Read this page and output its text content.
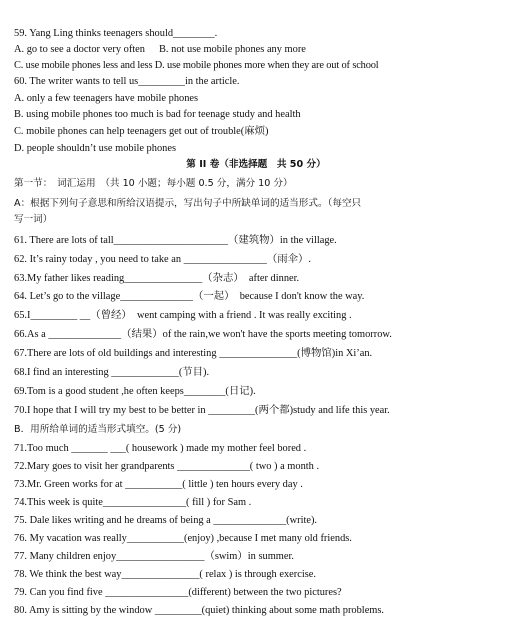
59. Yang Ling thinks teenagers should________.
A. go to see a doctor very often B. not use mobile phones any more
C. use mobile phones less and less D. use mobile phones more when they are out of school
60. The writer wants to tell us_________in the article.
A. only a few teenagers have mobile phones
B. using mobile phones too much is bad for teenage study and health
C. mobile phones can help teenagers get out of trouble(麻烦)
D. people shouldn’t use mobile phones
第 II 卷（非选择题　共 50 分）
第一节：　词汇运用　（共 10 小题；每小题 0.5 分，满分 10 分）
A：根据下列句子意思和所给汉语提示，写出句子中所缺单词的适当形式。（每空只
写一词）
61. There are lots of tall______________________（建筑物）in the village.
62. It’s rainy today , you need to take an ________________（雨伞）.
63.My father likes reading_______________（杂志）　after dinner.
64. Let’s go to the village______________（一起）　because I don't know the way.
65.I_________ __（曾经）　went camping with a friend . It was really exciting .
66.As a ______________（结果）of the rain,we won't have the sports meeting tomorrow.
67.There are lots of old buildings and interesting _______________(博物馆)in Xi’an.
68.I find an interesting _____________(节目).
69.Tom is a good student ,he often keeps________(日记).
70.I hope that I will try my best to be better in _________(两个都)study and life this year.
B．用所给单词的适当形式填空。(5 分)
71.Too much _______ ___( housework ) made my mother feel bored .
72.Mary goes to visit her grandparents ______________( two ) a month .
73.Mr. Green works for at ___________( little ) ten hours every day .
74.This week is quite________________( fill ) for Sam .
75. Dale likes writing and he dreams of being a ______________(write).
76. My vacation was really___________(enjoy) ,because I met many old friends.
77. Many children enjoy_________________（swim）in summer.
78. We think the best way_______________( relax ) is through exercise.
79. Can you find five ________________(different) between the two pictures?
80. Amy is sitting by the window _________(quiet) thinking about some math problems.
